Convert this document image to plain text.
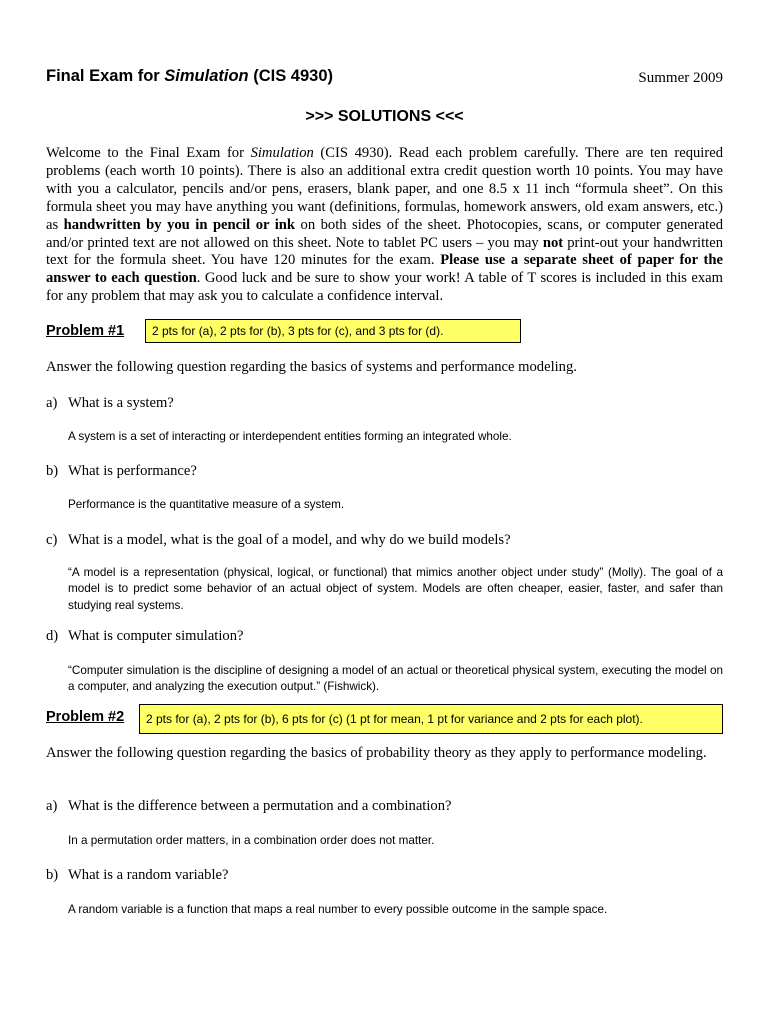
Final Exam for Simulation (CIS 4930)	Summer 2009
>>> SOLUTIONS <<<

Welcome to the Final Exam for Simulation (CIS 4930). Read each problem carefully. There are ten required problems (each worth 10 points). There is also an additional extra credit question worth 10 points. You may have with you a calculator, pencils and/or pens, erasers, blank paper, and one 8.5 x 11 inch “formula sheet”. On this formula sheet you may have anything you want (definitions, formulas, homework answers, old exam answers, etc.) as handwritten by you in pencil or ink on both sides of the sheet. Photocopies, scans, or computer generated and/or printed text are not allowed on this sheet. Note to tablet PC users – you may not print-out your handwritten text for the formula sheet. You have 120 minutes for the exam. Please use a separate sheet of paper for the answer to each question. Good luck and be sure to show your work! A table of T scores is included in this exam for any problem that may ask you to calculate a confidence interval.

Problem #1	2 pts for (a), 2 pts for (b), 3 pts for (c), and 3 pts for (d).

Answer the following question regarding the basics of systems and performance modeling.

a) What is a system?

A system is a set of interacting or interdependent entities forming an integrated whole.

b) What is performance?

Performance is the quantitative measure of a system.

c) What is a model, what is the goal of a model, and why do we build models?

“A model is a representation (physical, logical, or functional) that mimics another object under study” (Molly). The goal of a model is to predict some behavior of an actual object of system. Models are often cheaper, easier, faster, and safer than studying real systems.

d) What is computer simulation?

“Computer simulation is the discipline of designing a model of an actual or theoretical physical system, executing the model on a computer, and analyzing the execution output.” (Fishwick).

Problem #2	2 pts for (a), 2 pts for (b), 6 pts for (c) (1 pt for mean, 1 pt for variance and 2 pts for each plot).

Answer the following question regarding the basics of probability theory as they apply to performance modeling.

a) What is the difference between a permutation and a combination?

In a permutation order matters, in a combination order does not matter.

b) What is a random variable?

A random variable is a function that maps a real number to every possible outcome in the sample space.
